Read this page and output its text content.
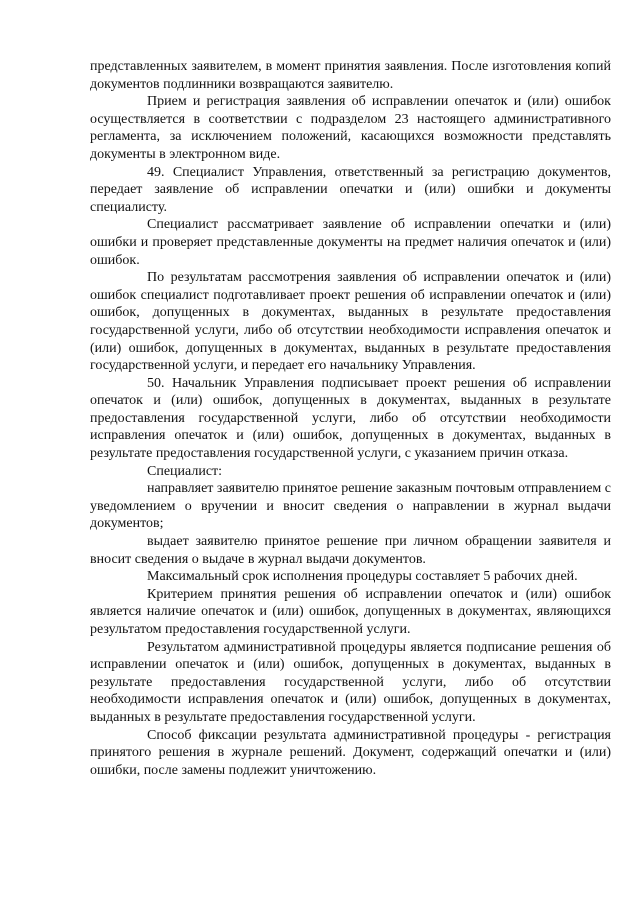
представленных заявителем, в момент принятия заявления. После изготовления копий документов подлинники возвращаются заявителю.

Прием и регистрация заявления об исправлении опечаток и (или) ошибок осуществляется в соответствии с подразделом 23 настоящего административного регламента, за исключением положений, касающихся возможности представлять документы в электронном виде.

49. Специалист Управления, ответственный за регистрацию документов, передает заявление об исправлении опечатки и (или) ошибки и документы специалисту.

Специалист рассматривает заявление об исправлении опечатки и (или) ошибки и проверяет представленные документы на предмет наличия опечаток и (или) ошибок.

По результатам рассмотрения заявления об исправлении опечаток и (или) ошибок специалист подготавливает проект решения об исправлении опечаток и (или) ошибок, допущенных в документах, выданных в результате предоставления государственной услуги, либо об отсутствии необходимости исправления опечаток и (или) ошибок, допущенных в документах, выданных в результате предоставления государственной услуги, и передает его начальнику Управления.

50. Начальник Управления подписывает проект решения об исправлении опечаток и (или) ошибок, допущенных в документах, выданных в результате предоставления государственной услуги, либо об отсутствии необходимости исправления опечаток и (или) ошибок, допущенных в документах, выданных в результате предоставления государственной услуги, с указанием причин отказа.

Специалист:

направляет заявителю принятое решение заказным почтовым отправлением с уведомлением о вручении и вносит сведения о направлении в журнал выдачи документов;

выдает заявителю принятое решение при личном обращении заявителя и вносит сведения о выдаче в журнал выдачи документов.

Максимальный срок исполнения процедуры составляет 5 рабочих дней.

Критерием принятия решения об исправлении опечаток и (или) ошибок является наличие опечаток и (или) ошибок, допущенных в документах, являющихся результатом предоставления государственной услуги.

Результатом административной процедуры является подписание решения об исправлении опечаток и (или) ошибок, допущенных в документах, выданных в результате предоставления государственной услуги, либо об отсутствии необходимости исправления опечаток и (или) ошибок, допущенных в документах, выданных в результате предоставления государственной услуги.

Способ фиксации результата административной процедуры - регистрация принятого решения в журнале решений. Документ, содержащий опечатки и (или) ошибки, после замены подлежит уничтожению.
